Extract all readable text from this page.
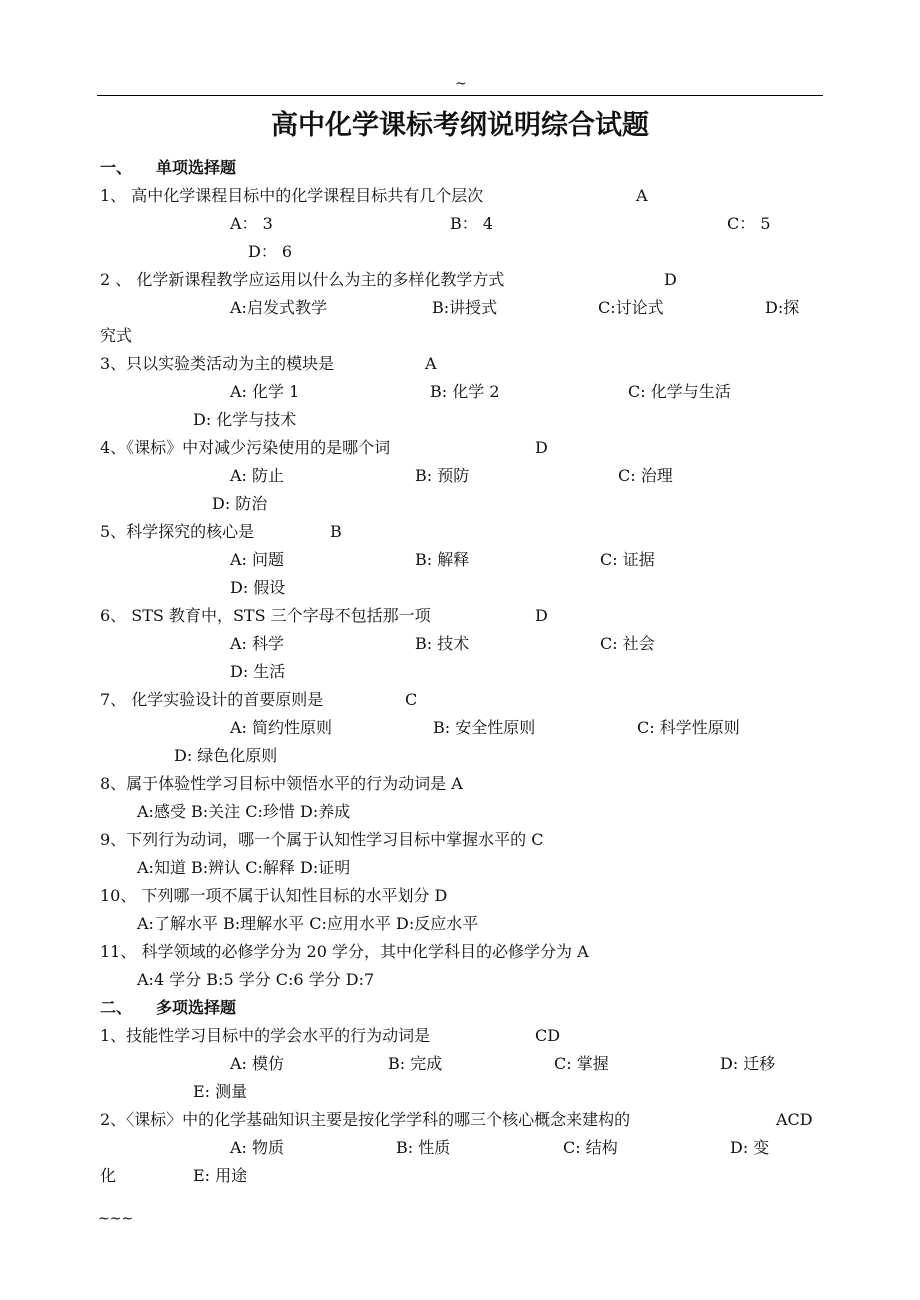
~
高中化学课标考纲说明综合试题
一、 单项选择题
1、 高中化学课程目标中的化学课程目标共有几个层次	A
A： 3	B： 4	C： 5
D： 6
2 、 化学新课程教学应运用以什么为主的多样化教学方式	D
A:启发式教学	B:讲授式	C:讨论式	D:探
究式
3、只以实验类活动为主的模块是	A
A: 化学 1	B: 化学 2	C: 化学与生活
D: 化学与技术
4、《课标》中对减少污染使用的是哪个词	D
A: 防止	B: 预防	C: 治理
D: 防治
5、科学探究的核心是	B
A: 问题	B: 解释	C: 证据
D: 假设
6、 STS 教育中，STS 三个字母不包括那一项	D
A: 科学	B: 技术	C: 社会
D: 生活
7、 化学实验设计的首要原则是	C
A: 简约性原则	B: 安全性原则	C: 科学性原则
D: 绿色化原则
8、属于体验性学习目标中领悟水平的行为动词是 A
A:感受 B:关注 C:珍惜 D:养成
9、下列行为动词，哪一个属于认知性学习目标中掌握水平的 C
A:知道 B:辨认 C:解释 D:证明
10、 下列哪一项不属于认知性目标的水平划分 D
A:了解水平 B:理解水平 C:应用水平 D:反应水平
11、 科学领域的必修学分为 20 学分，其中化学科目的必修学分为 A
A:4 学分 B:5 学分 C:6 学分 D:7
二、 多项选择题
1、技能性学习目标中的学会水平的行为动词是	CD
A: 模仿	B: 完成	C: 掌握	D: 迁移
E: 测量
2、〈课标〉中的化学基础知识主要是按化学学科的哪三个核心概念来建构的	ACD
A: 物质	B: 性质	C: 结构	D: 变
化	E: 用途
~~~
